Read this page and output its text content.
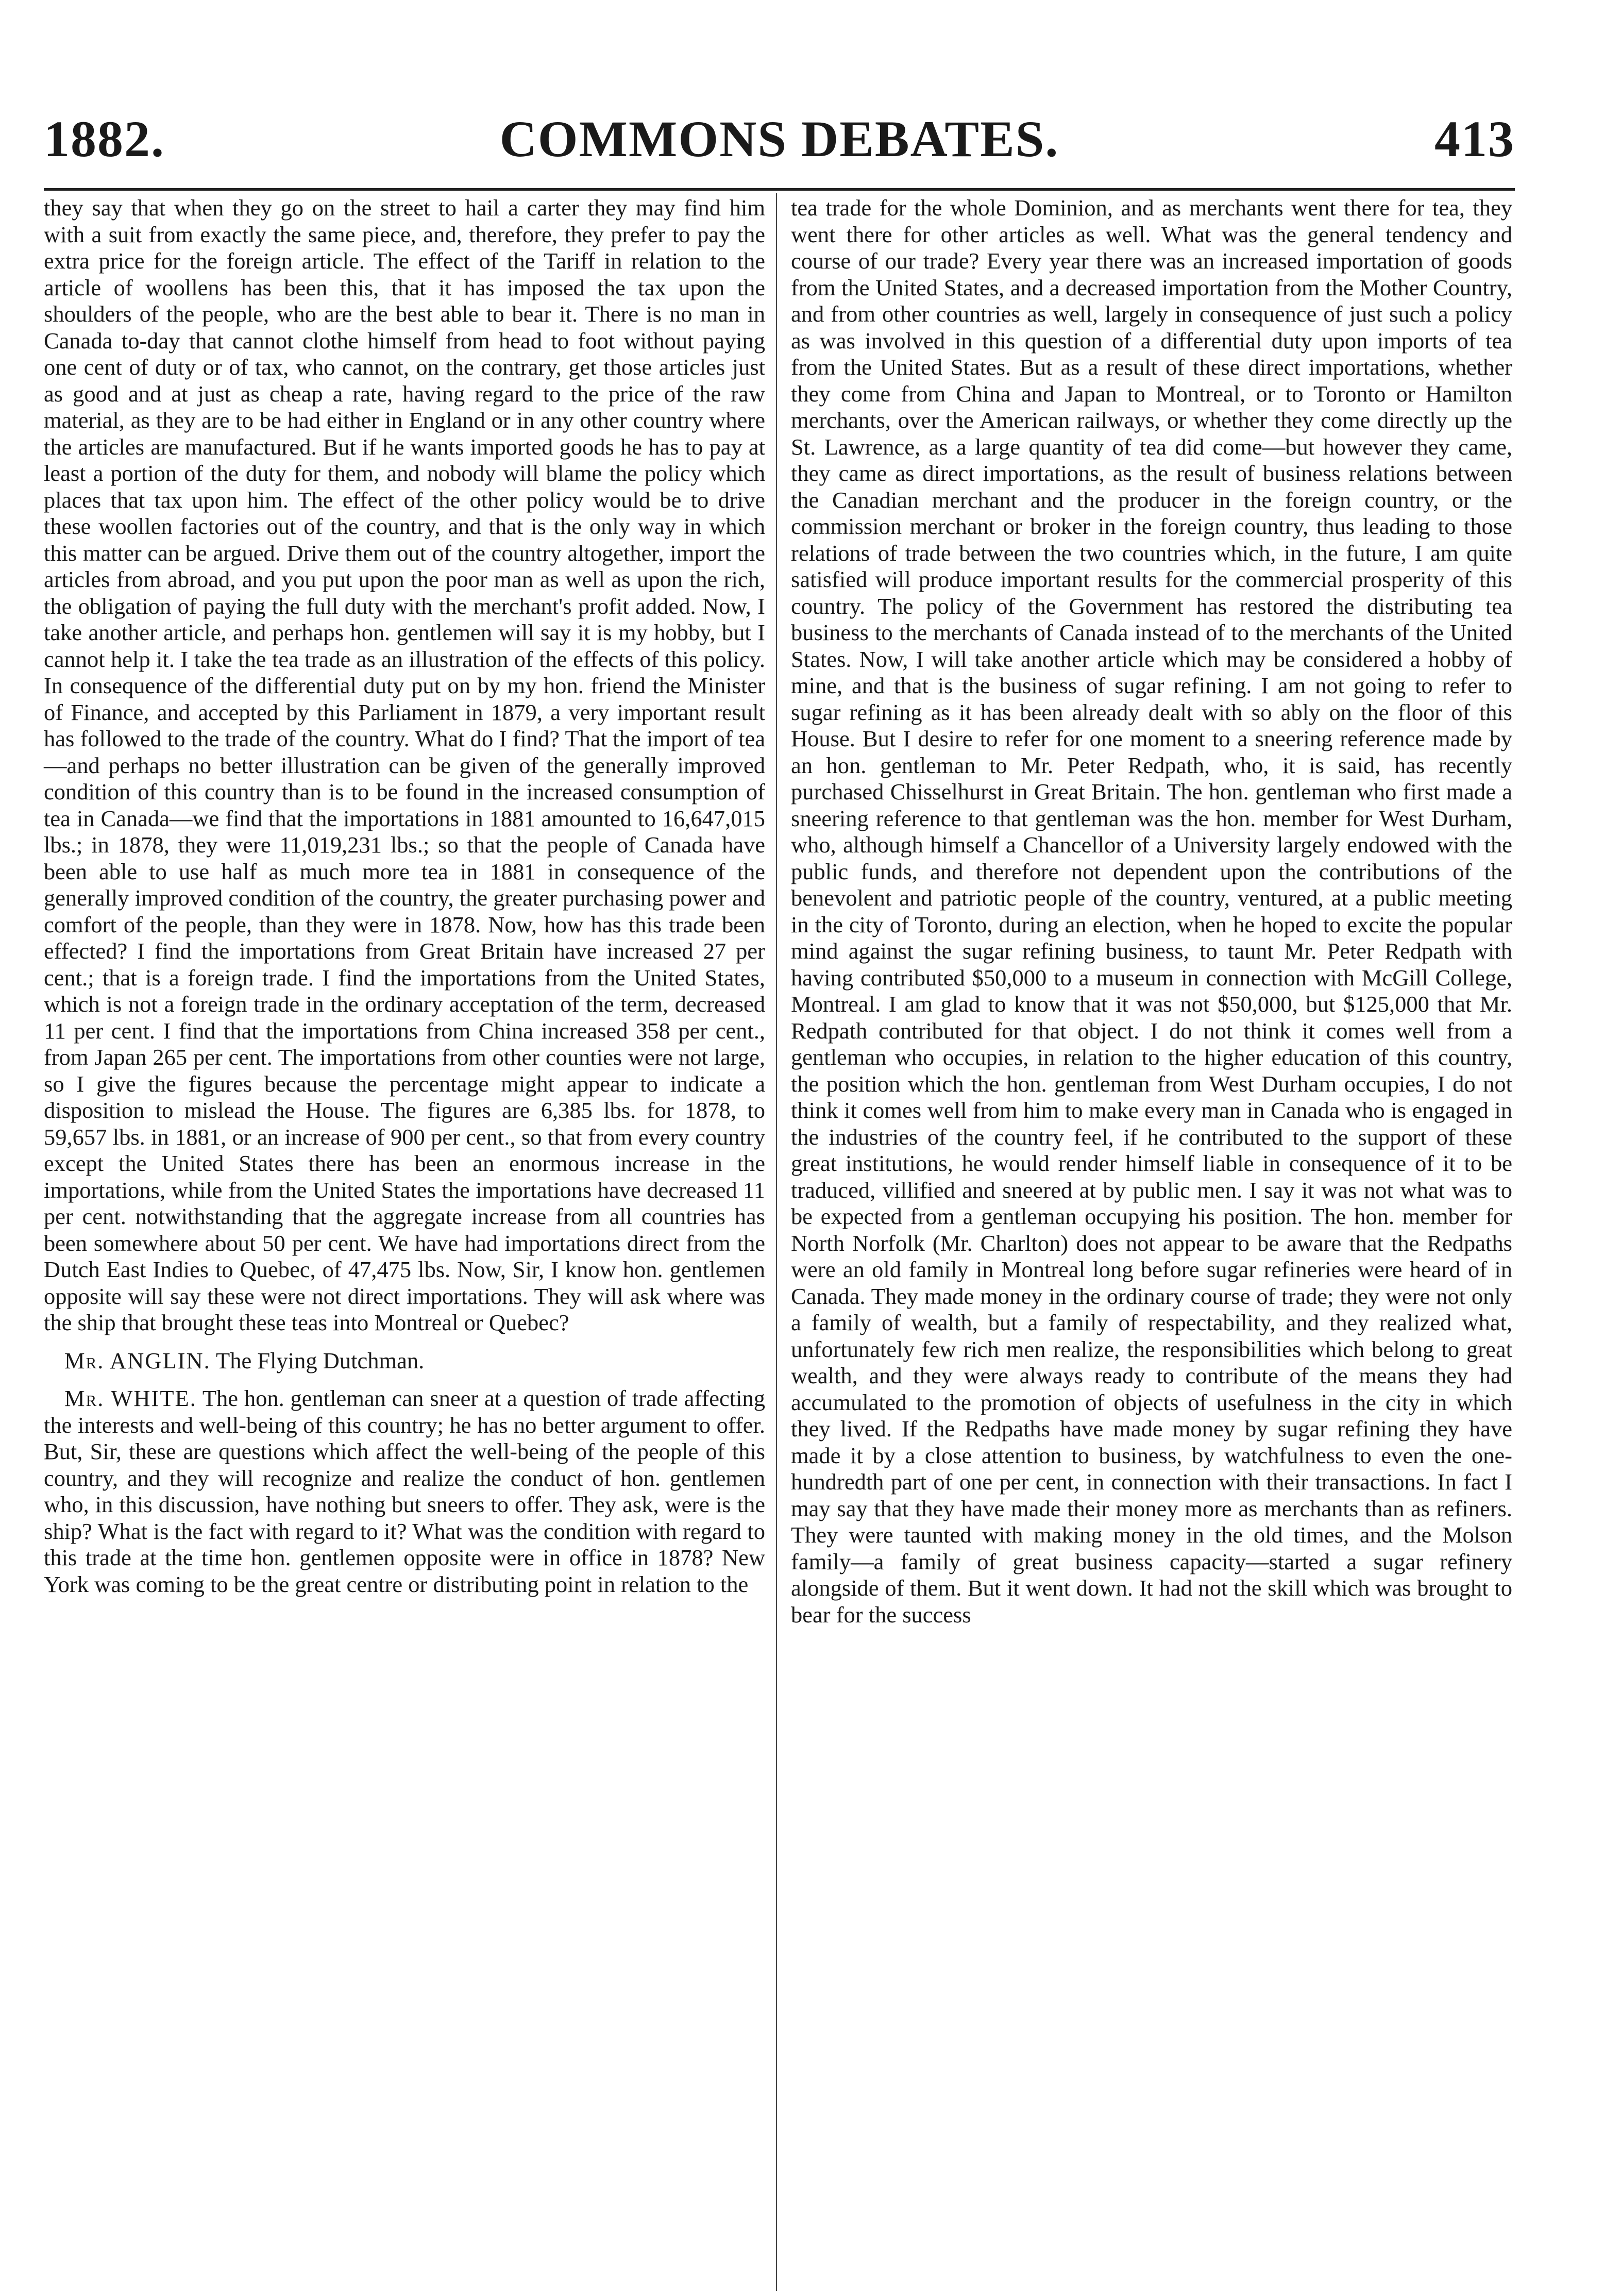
1882.	COMMONS DEBATES.	413

they say that when they go on the street to hail a carter they may find him with a suit from exactly the same piece, and, therefore, they prefer to pay the extra price for the foreign article. The effect of the Tariff in relation to the article of woollens has been this, that it has imposed the tax upon the shoulders of the people, who are the best able to bear it. There is no man in Canada to-day that cannot clothe himself from head to foot without paying one cent of duty or of tax, who cannot, on the contrary, get those articles just as good and at just as cheap a rate, having regard to the price of the raw material, as they are to be had either in England or in any other country where the articles are manufactured. But if he wants imported goods he has to pay at least a portion of the duty for them, and nobody will blame the policy which places that tax upon him. The effect of the other policy would be to drive these woollen factories out of the country, and that is the only way in which this matter can be argued. Drive them out of the country altogether, import the articles from abroad, and you put upon the poor man as well as upon the rich, the obligation of paying the full duty with the merchant's profit added. Now, I take another article, and perhaps hon. gentlemen will say it is my hobby, but I cannot help it. I take the tea trade as an illustration of the effects of this policy. In consequence of the differential duty put on by my hon. friend the Minister of Finance, and accepted by this Parliament in 1879, a very important result has followed to the trade of the country. What do I find? That the import of tea—and perhaps no better illustration can be given of the generally improved condition of this country than is to be found in the increased consumption of tea in Canada—we find that the importations in 1881 amounted to 16,647,015 lbs.; in 1878, they were 11,019,231 lbs.; so that the people of Canada have been able to use half as much more tea in 1881 in consequence of the generally improved condition of the country, the greater purchasing power and comfort of the people, than they were in 1878. Now, how has this trade been effected? I find the importations from Great Britain have increased 27 per cent.; that is a foreign trade. I find the importations from the United States, which is not a foreign trade in the ordinary acceptation of the term, decreased 11 per cent. I find that the importations from China increased 358 per cent., from Japan 265 per cent. The importations from other counties were not large, so I give the figures because the percentage might appear to indicate a disposition to mislead the House. The figures are 6,385 lbs. for 1878, to 59,657 lbs. in 1881, or an increase of 900 per cent., so that from every country except the United States there has been an enormous increase in the importations, while from the United States the importations have decreased 11 per cent. notwithstanding that the aggregate increase from all countries has been somewhere about 50 per cent. We have had importations direct from the Dutch East Indies to Quebec, of 47,475 lbs. Now, Sir, I know hon. gentlemen opposite will say these were not direct importations. They will ask where was the ship that brought these teas into Montreal or Quebec?

Mr. ANGLIN. The Flying Dutchman.

Mr. WHITE. The hon. gentleman can sneer at a question of trade affecting the interests and well-being of this country; he has no better argument to offer. But, Sir, these are questions which affect the well-being of the people of this country, and they will recognize and realize the conduct of hon. gentlemen who, in this discussion, have nothing but sneers to offer. They ask, were is the ship? What is the fact with regard to it? What was the condition with regard to this trade at the time hon. gentlemen opposite were in office in 1878? New York was coming to be the great centre or distributing point in relation to the

tea trade for the whole Dominion, and as merchants went there for tea, they went there for other articles as well. What was the general tendency and course of our trade? Every year there was an increased importation of goods from the United States, and a decreased importation from the Mother Country, and from other countries as well, largely in consequence of just such a policy as was involved in this question of a differential duty upon imports of tea from the United States. But as a result of these direct importations, whether they come from China and Japan to Montreal, or to Toronto or Hamilton merchants, over the American railways, or whether they come directly up the St. Lawrence, as a large quantity of tea did come—but however they came, they came as direct importations, as the result of business relations between the Canadian merchant and the producer in the foreign country, or the commission merchant or broker in the foreign country, thus leading to those relations of trade between the two countries which, in the future, I am quite satisfied will produce important results for the commercial prosperity of this country. The policy of the Government has restored the distributing tea business to the merchants of Canada instead of to the merchants of the United States. Now, I will take another article which may be considered a hobby of mine, and that is the business of sugar refining. I am not going to refer to sugar refining as it has been already dealt with so ably on the floor of this House. But I desire to refer for one moment to a sneering reference made by an hon. gentleman to Mr. Peter Redpath, who, it is said, has recently purchased Chisselhurst in Great Britain. The hon. gentleman who first made a sneering reference to that gentleman was the hon. member for West Durham, who, although himself a Chancellor of a University largely endowed with the public funds, and therefore not dependent upon the contributions of the benevolent and patriotic people of the country, ventured, at a public meeting in the city of Toronto, during an election, when he hoped to excite the popular mind against the sugar refining business, to taunt Mr. Peter Redpath with having contributed $50,000 to a museum in connection with McGill College, Montreal. I am glad to know that it was not $50,000, but $125,000 that Mr. Redpath contributed for that object. I do not think it comes well from a gentleman who occupies, in relation to the higher education of this country, the position which the hon. gentleman from West Durham occupies, I do not think it comes well from him to make every man in Canada who is engaged in the industries of the country feel, if he contributed to the support of these great institutions, he would render himself liable in consequence of it to be traduced, villified and sneered at by public men. I say it was not what was to be expected from a gentleman occupying his position. The hon. member for North Norfolk (Mr. Charlton) does not appear to be aware that the Redpaths were an old family in Montreal long before sugar refineries were heard of in Canada. They made money in the ordinary course of trade; they were not only a family of wealth, but a family of respectability, and they realized what, unfortunately few rich men realize, the responsibilities which belong to great wealth, and they were always ready to contribute of the means they had accumulated to the promotion of objects of usefulness in the city in which they lived. If the Redpaths have made money by sugar refining they have made it by a close attention to business, by watchfulness to even the one-hundredth part of one per cent, in connection with their transactions. In fact I may say that they have made their money more as merchants than as refiners. They were taunted with making money in the old times, and the Molson family—a family of great business capacity—started a sugar refinery alongside of them. But it went down. It had not the skill which was brought to bear for the success
